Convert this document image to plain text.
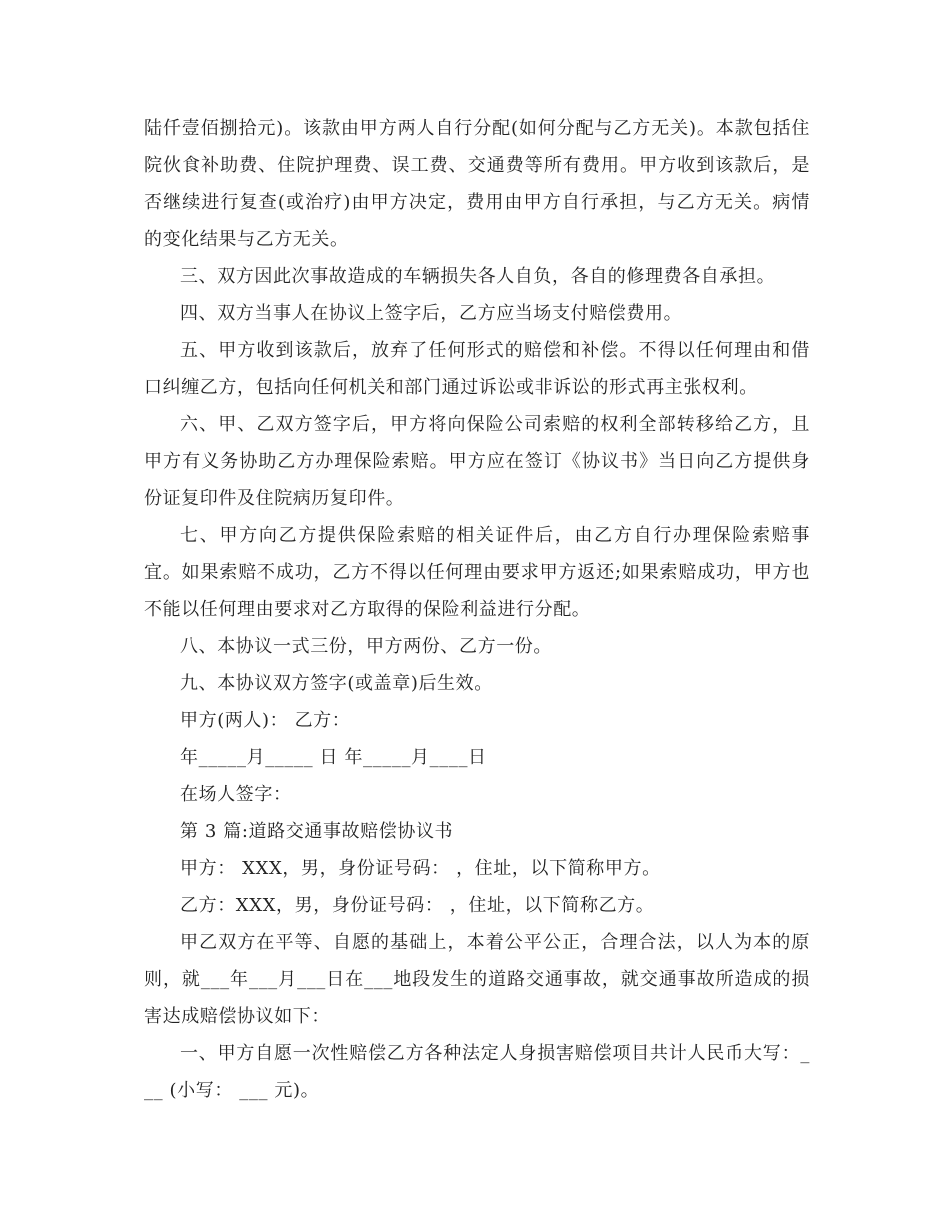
陆仟壹佰捌拾元)。该款由甲方两人自行分配(如何分配与乙方无关)。本款包括住院伙食补助费、住院护理费、误工费、交通费等所有费用。甲方收到该款后，是否继续进行复查(或治疗)由甲方决定，费用由甲方自行承担，与乙方无关。病情的变化结果与乙方无关。

三、双方因此次事故造成的车辆损失各人自负，各自的修理费各自承担。

四、双方当事人在协议上签字后，乙方应当场支付赔偿费用。

五、甲方收到该款后，放弃了任何形式的赔偿和补偿。不得以任何理由和借口纠缠乙方，包括向任何机关和部门通过诉讼或非诉讼的形式再主张权利。

六、甲、乙双方签字后，甲方将向保险公司索赔的权利全部转移给乙方，且甲方有义务协助乙方办理保险索赔。甲方应在签订《协议书》当日向乙方提供身份证复印件及住院病历复印件。

七、甲方向乙方提供保险索赔的相关证件后，由乙方自行办理保险索赔事宜。如果索赔不成功，乙方不得以任何理由要求甲方返还;如果索赔成功，甲方也不能以任何理由要求对乙方取得的保险利益进行分配。

八、本协议一式三份，甲方两份、乙方一份。

九、本协议双方签字(或盖章)后生效。

甲方(两人)： 乙方：

年_____月_____ 日 年_____月____日

在场人签字：

第 3 篇:道路交通事故赔偿协议书

甲方： XXX，男，身份证号码： ，住址，以下简称甲方。

乙方：XXX，男，身份证号码： ，住址，以下简称乙方。

甲乙双方在平等、自愿的基础上，本着公平公正，合理合法，以人为本的原则，就___年___月___日在___地段发生的道路交通事故，就交通事故所造成的损害达成赔偿协议如下：

一、甲方自愿一次性赔偿乙方各种法定人身损害赔偿项目共计人民币大写：___ (小写： ___ 元)。
